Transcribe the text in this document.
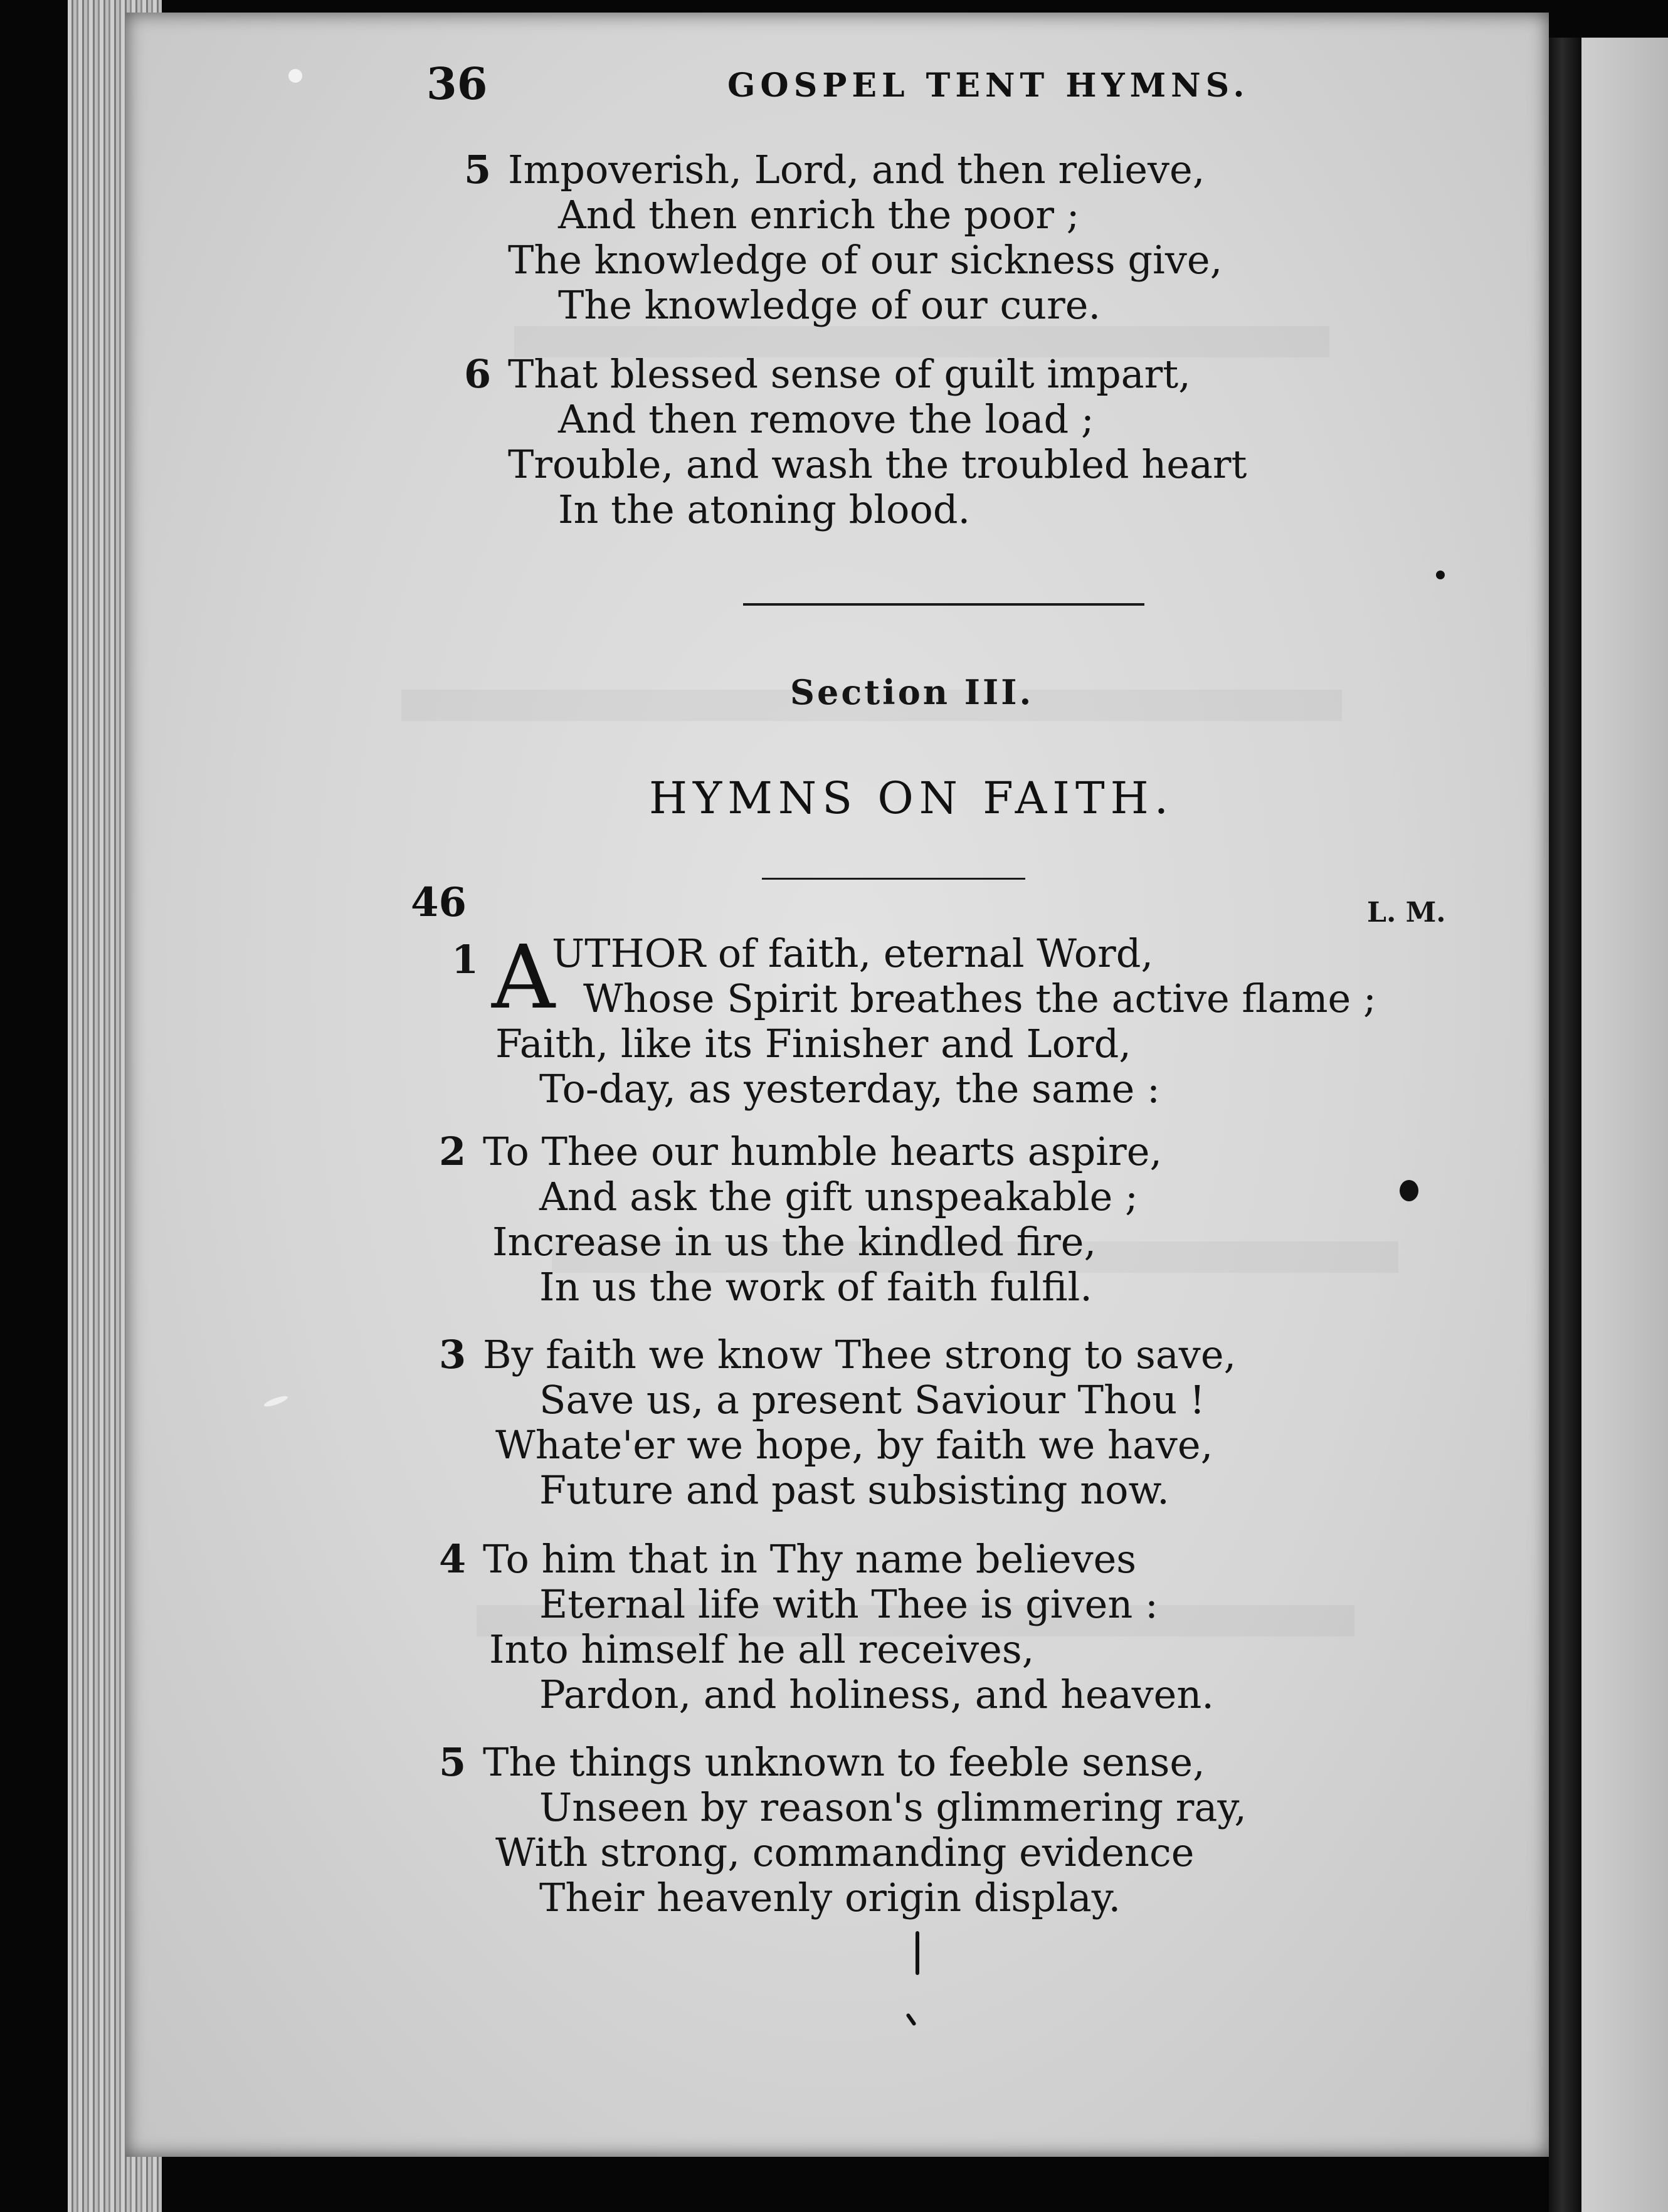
36	GOSPEL TENT HYMNS.
5 Impoverish, Lord, and then relieve,
And then enrich the poor ;
The knowledge of our sickness give,
The knowledge of our cure.
6 That blessed sense of guilt impart,
And then remove the load ;
Trouble, and wash the troubled heart
In the atoning blood.
Section III.
HYMNS ON FAITH.
46	L. M.
1 A
UTHOR of faith, eternal Word,
Whose Spirit breathes the active flame ;
Faith, like its Finisher and Lord,
To-day, as yesterday, the same :
2 To Thee our humble hearts aspire,
And ask the gift unspeakable ;
Increase in us the kindled fire,
In us the work of faith fulfil.
3 By faith we know Thee strong to save,
Save us, a present Saviour Thou !
Whate'er we hope, by faith we have,
Future and past subsisting now.
4 To him that in Thy name believes
Eternal life with Thee is given :
Into himself he all receives,
Pardon, and holiness, and heaven.
5 The things unknown to feeble sense,
Unseen by reason's glimmering ray,
With strong, commanding evidence
Their heavenly origin display.
